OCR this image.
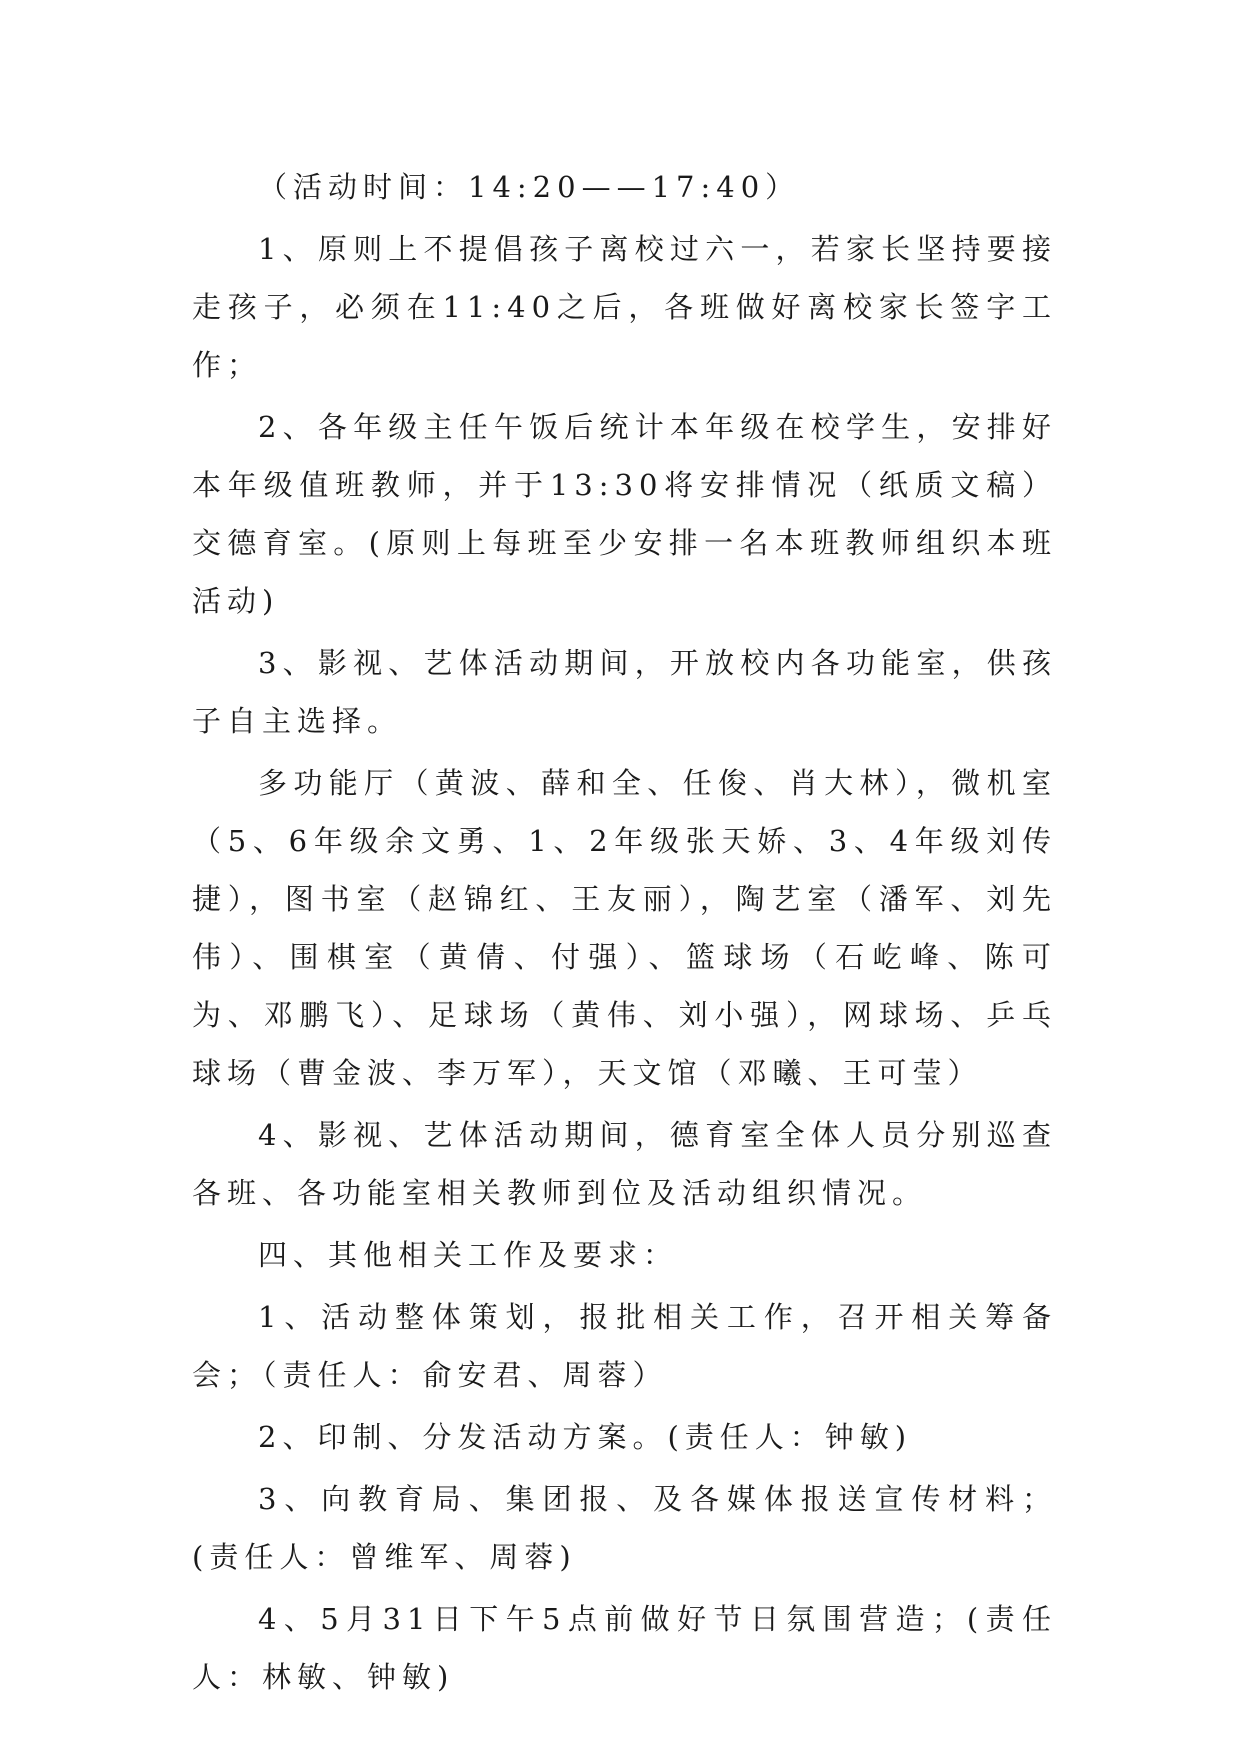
（活动时间：14:20——17:40）

1、原则上不提倡孩子离校过六一，若家长坚持要接走孩子，必须在11:40之后，各班做好离校家长签字工作；

2、各年级主任午饭后统计本年级在校学生，安排好本年级值班教师，并于13:30将安排情况（纸质文稿）交德育室。(原则上每班至少安排一名本班教师组织本班活动)

3、影视、艺体活动期间，开放校内各功能室，供孩子自主选择。

多功能厅（黄波、薛和全、任俊、肖大林），微机室（5、6年级余文勇、1、2年级张天娇、3、4年级刘传捷），图书室（赵锦红、王友丽），陶艺室（潘军、刘先伟）、围棋室（黄倩、付强）、篮球场（石屹峰、陈可为、邓鹏飞）、足球场（黄伟、刘小强），网球场、乒乓球场（曹金波、李万军），天文馆（邓曦、王可莹）

4、影视、艺体活动期间，德育室全体人员分别巡查各班、各功能室相关教师到位及活动组织情况。

四、其他相关工作及要求：

1、活动整体策划，报批相关工作，召开相关筹备会；（责任人：俞安君、周蓉）

2、印制、分发活动方案。(责任人：钟敏)

3、向教育局、集团报、及各媒体报送宣传材料；(责任人：曾维军、周蓉)

4、5月31日下午5点前做好节日氛围营造；(责任人：林敏、钟敏)
